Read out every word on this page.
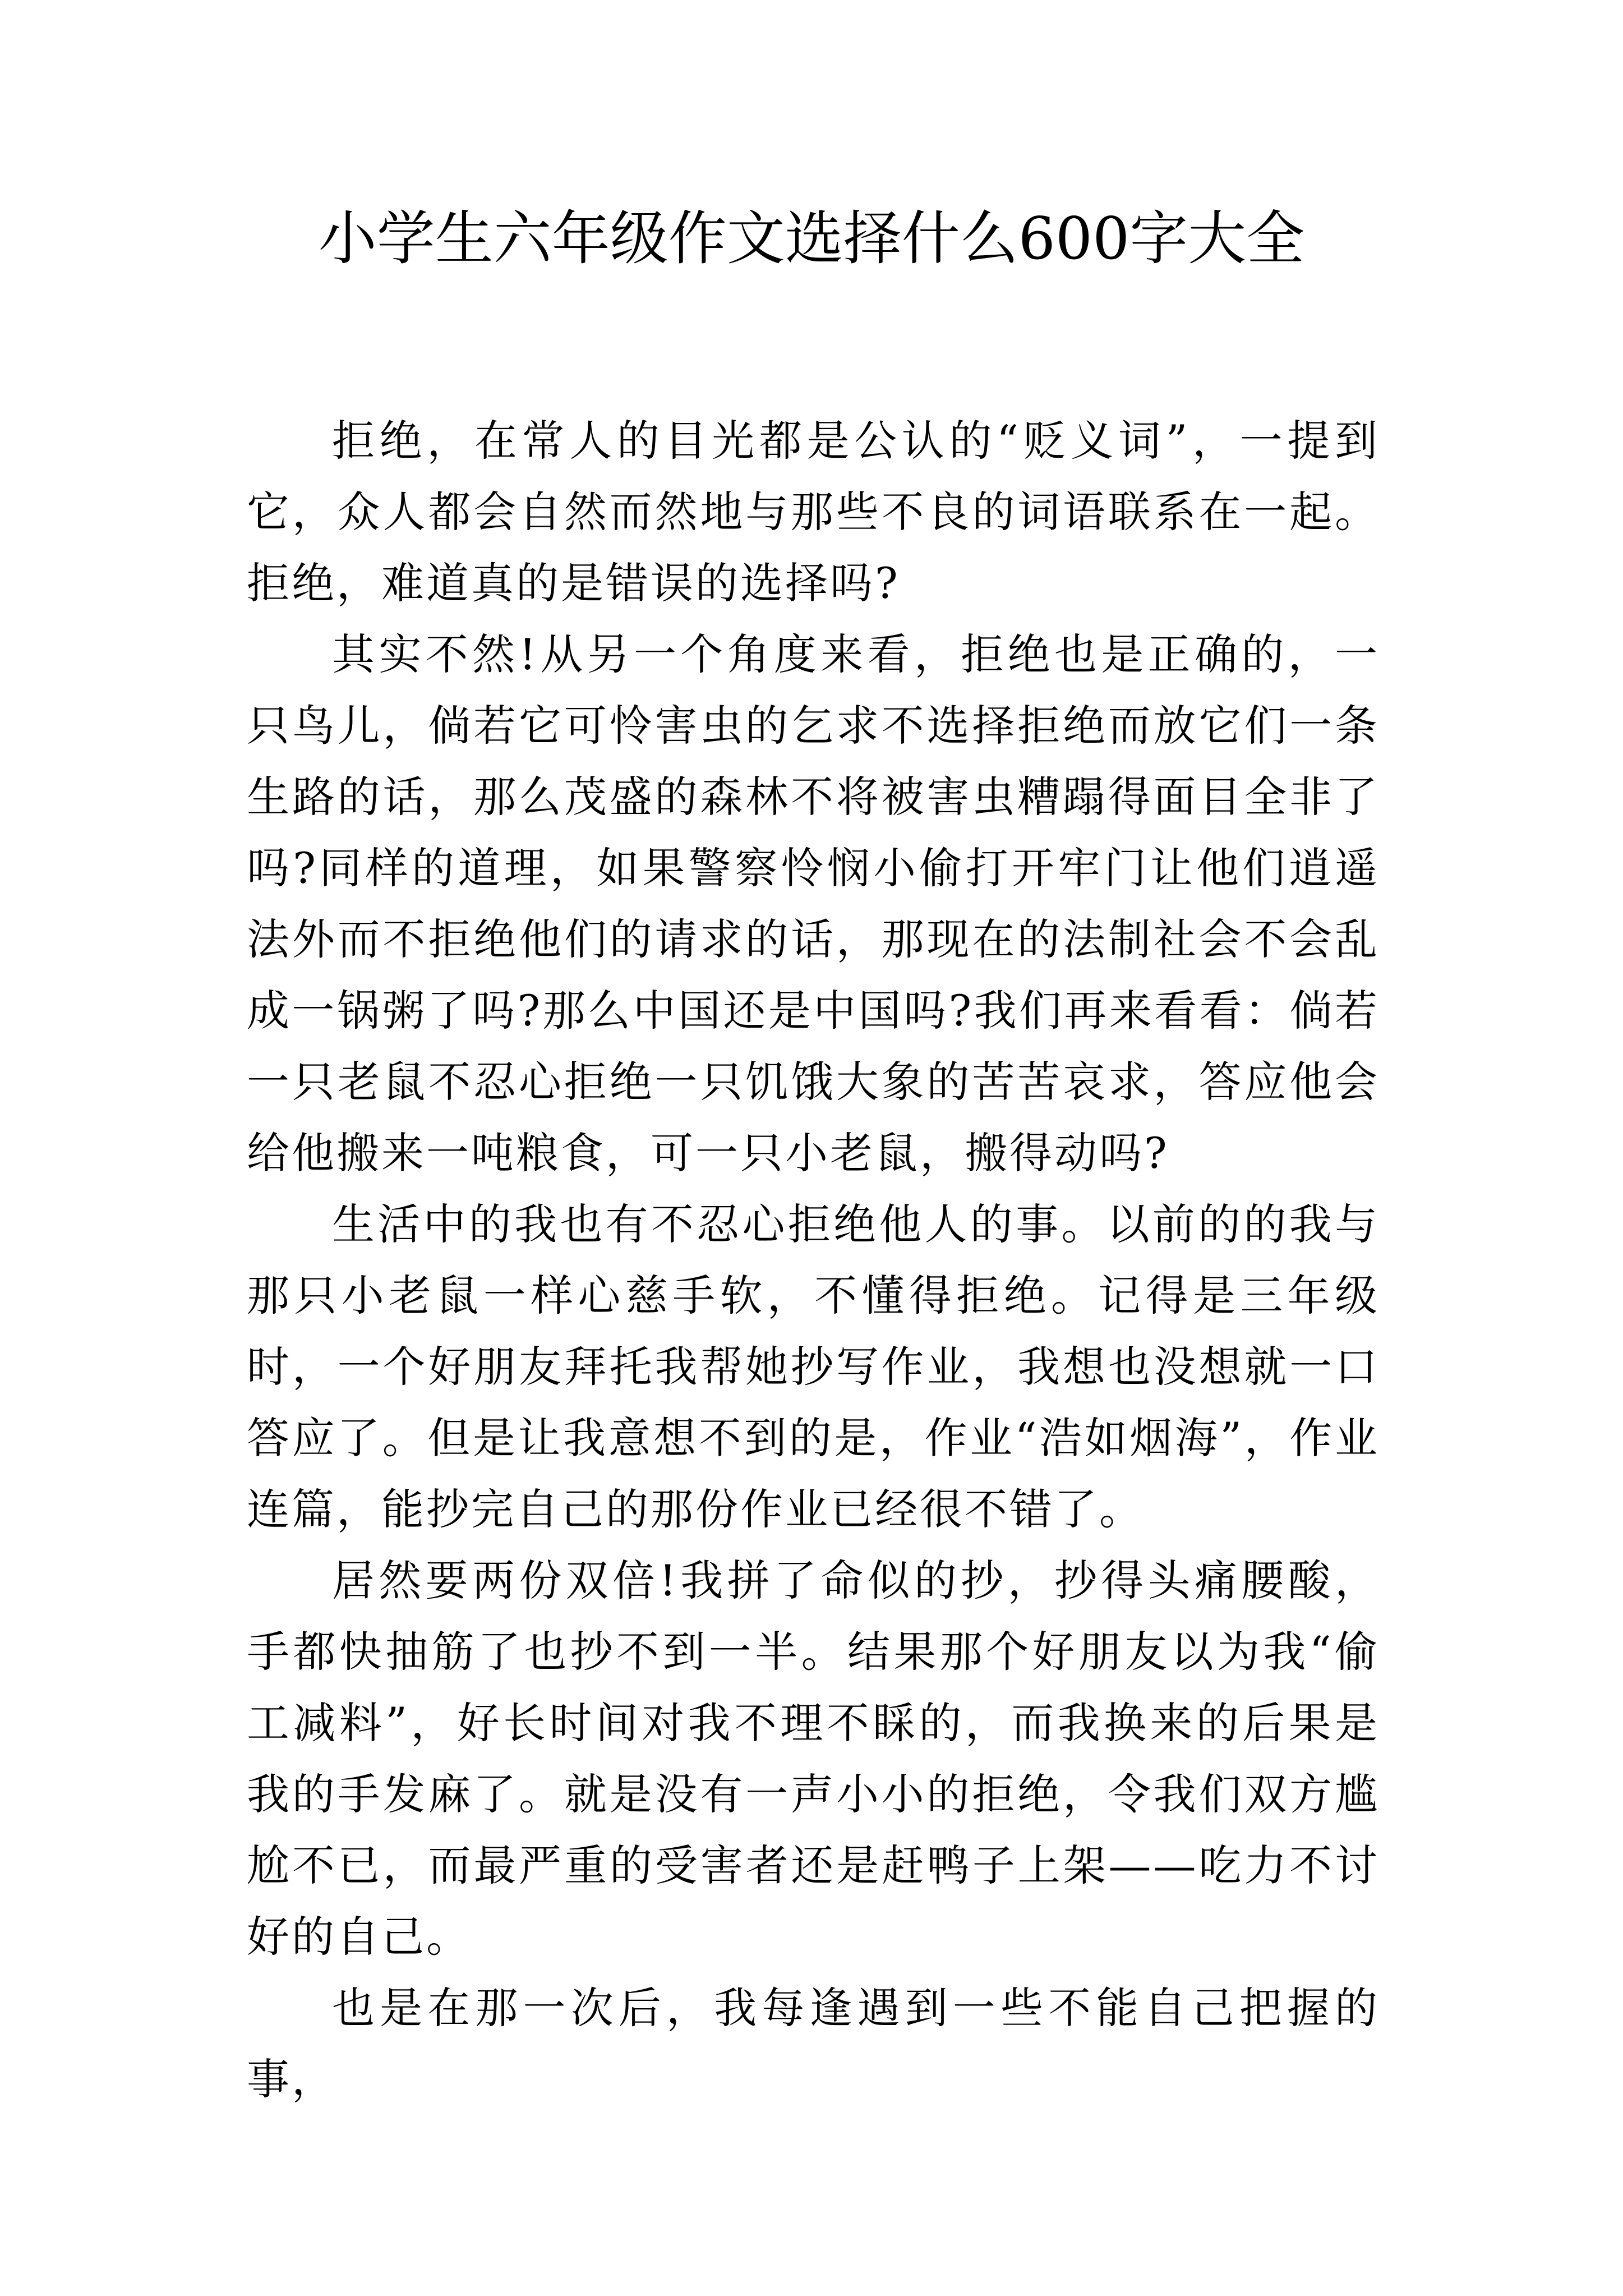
小学生六年级作文选择什么600字大全

拒绝，在常人的目光都是公认的“贬义词”，一提到它，众人都会自然而然地与那些不良的词语联系在一起。拒绝，难道真的是错误的选择吗?

其实不然!从另一个角度来看，拒绝也是正确的，一只鸟儿，倘若它可怜害虫的乞求不选择拒绝而放它们一条生路的话，那么茂盛的森林不将被害虫糟蹋得面目全非了吗?同样的道理，如果警察怜悯小偷打开牢门让他们逍遥法外而不拒绝他们的请求的话，那现在的法制社会不会乱成一锅粥了吗?那么中国还是中国吗?我们再来看看：倘若一只老鼠不忍心拒绝一只饥饿大象的苦苦哀求，答应他会给他搬来一吨粮食，可一只小老鼠，搬得动吗?

生活中的我也有不忍心拒绝他人的事。以前的的我与那只小老鼠一样心慈手软，不懂得拒绝。记得是三年级时，一个好朋友拜托我帮她抄写作业，我想也没想就一口答应了。但是让我意想不到的是，作业“浩如烟海”，作业连篇，能抄完自己的那份作业已经很不错了。

居然要两份双倍!我拼了命似的抄，抄得头痛腰酸，手都快抽筋了也抄不到一半。结果那个好朋友以为我“偷工减料”，好长时间对我不理不睬的，而我换来的后果是我的手发麻了。就是没有一声小小的拒绝，令我们双方尴尬不已，而最严重的受害者还是赶鸭子上架——吃力不讨好的自己。

也是在那一次后，我每逢遇到一些不能自己把握的事，
